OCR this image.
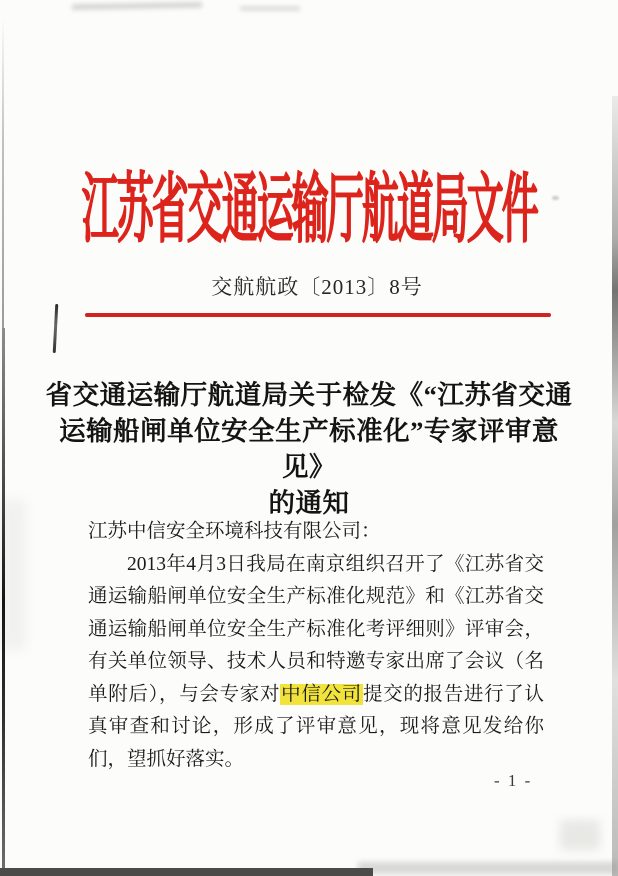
江苏省交通运输厅航道局文件
交航航政〔2013〕8号
省交通运输厅航道局关于检发《“江苏省交通
运输船闸单位安全生产标准化”专家评审意见》
的通知
江苏中信安全环境科技有限公司：

2013年4月3日我局在南京组织召开了《江苏省交通运输船闸单位安全生产标准化规范》和《江苏省交通运输船闸单位安全生产标准化考评细则》评审会，有关单位领导、技术人员和特邀专家出席了会议（名单附后），与会专家对中信公司提交的报告进行了认真审查和讨论，形成了评审意见，现将意见发给你们，望抓好落实。

- 1 -
